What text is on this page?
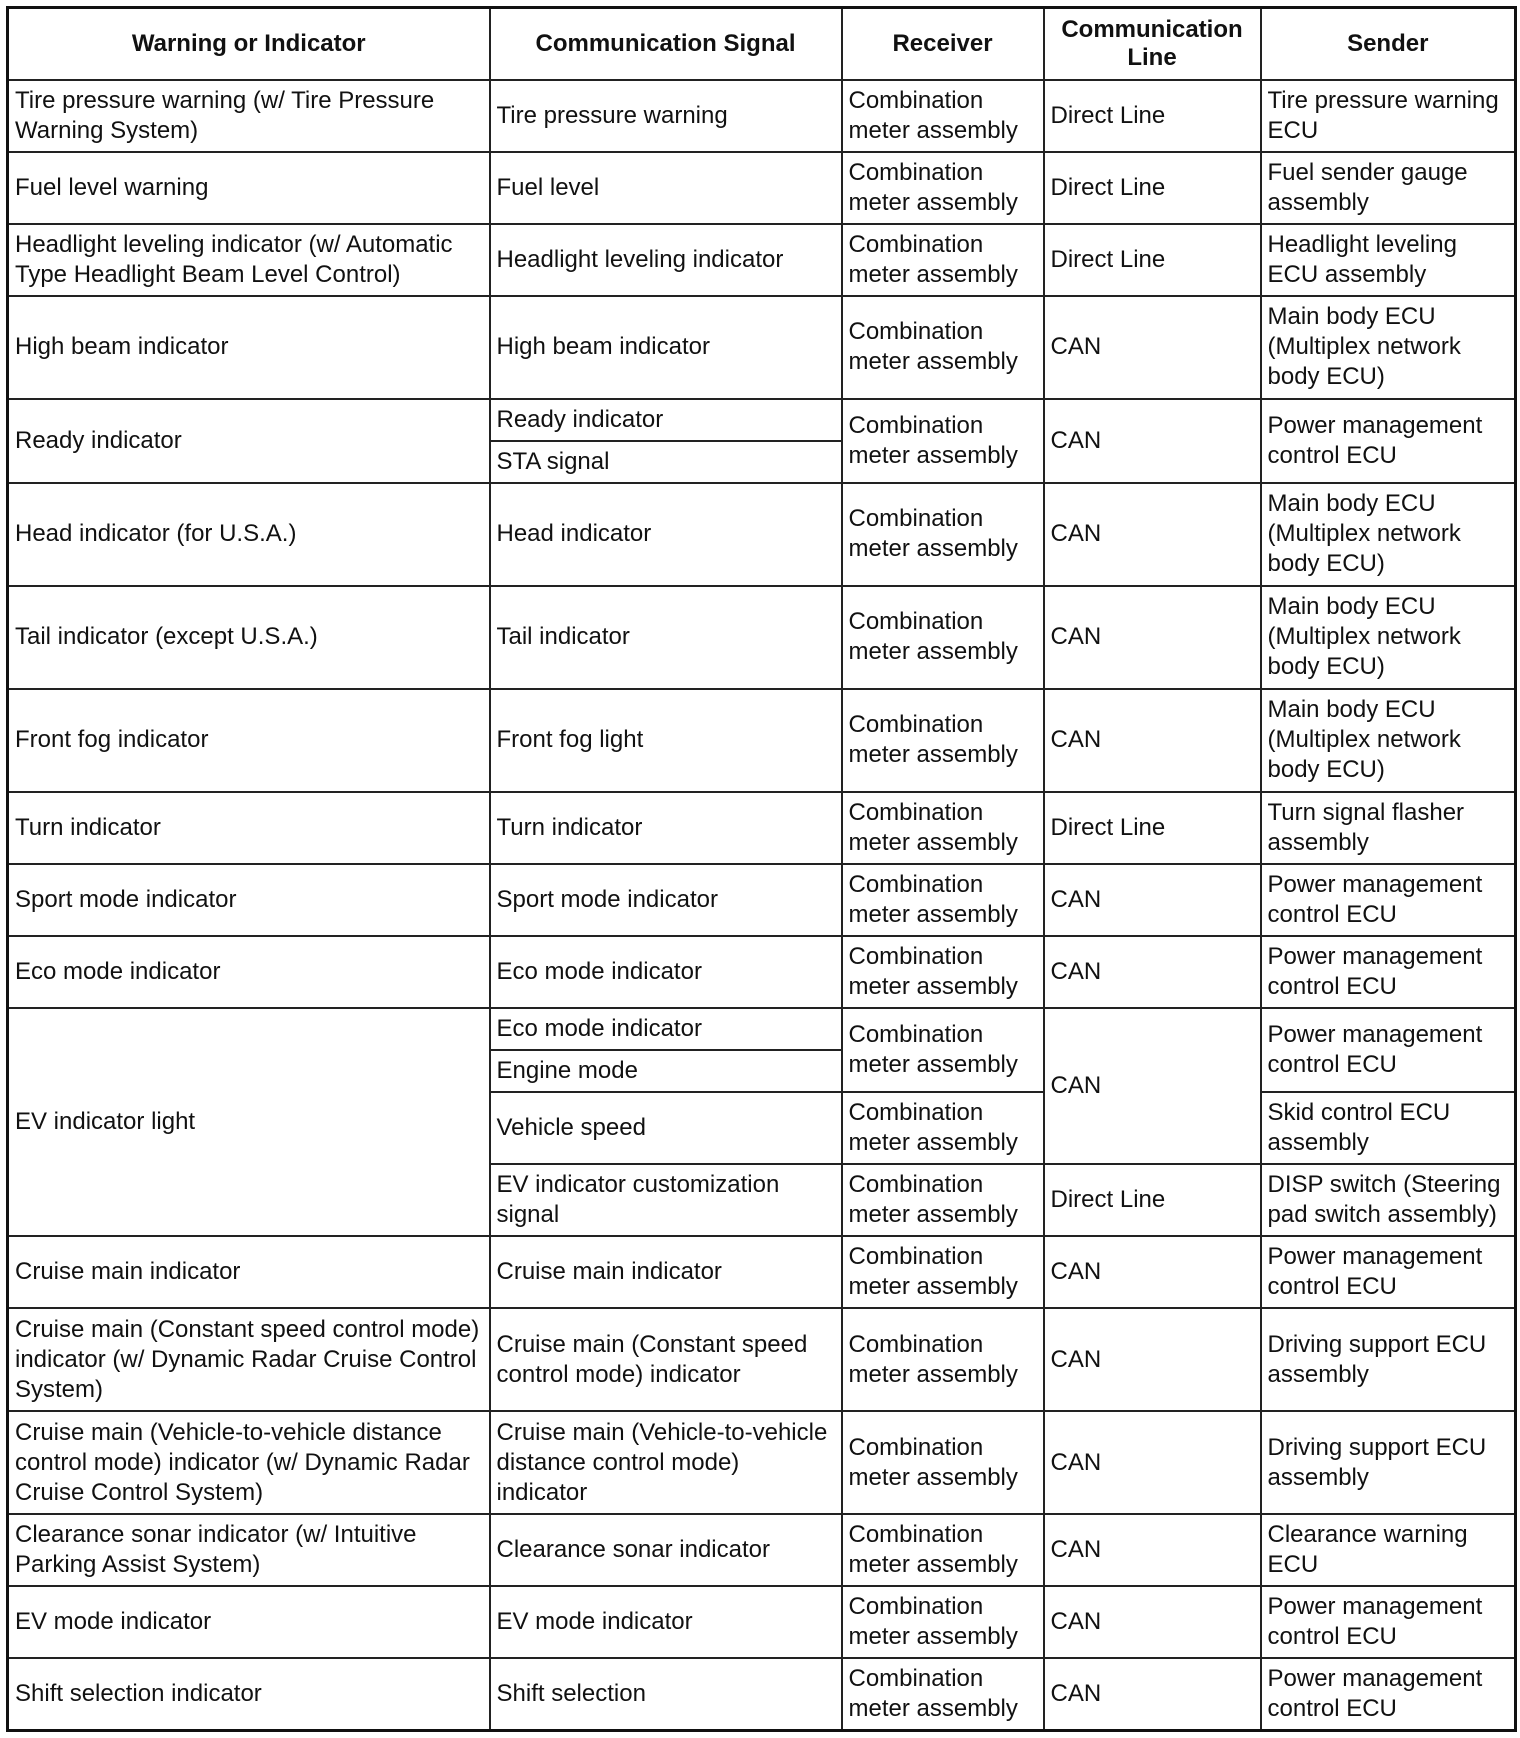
Warning or Indicator	Communication Signal	Receiver	Communication Line	Sender
Tire pressure warning (w/ Tire Pressure Warning System)	Tire pressure warning	Combination meter assembly	Direct Line	Tire pressure warning ECU
Fuel level warning	Fuel level	Combination meter assembly	Direct Line	Fuel sender gauge assembly
Headlight leveling indicator (w/ Automatic Type Headlight Beam Level Control)	Headlight leveling indicator	Combination meter assembly	Direct Line	Headlight leveling ECU assembly
High beam indicator	High beam indicator	Combination meter assembly	CAN	Main body ECU (Multiplex network body ECU)
Ready indicator	Ready indicator	Combination meter assembly	CAN	Power management control ECU
	STA signal			
Head indicator (for U.S.A.)	Head indicator	Combination meter assembly	CAN	Main body ECU (Multiplex network body ECU)
Tail indicator (except U.S.A.)	Tail indicator	Combination meter assembly	CAN	Main body ECU (Multiplex network body ECU)
Front fog indicator	Front fog light	Combination meter assembly	CAN	Main body ECU (Multiplex network body ECU)
Turn indicator	Turn indicator	Combination meter assembly	Direct Line	Turn signal flasher assembly
Sport mode indicator	Sport mode indicator	Combination meter assembly	CAN	Power management control ECU
Eco mode indicator	Eco mode indicator	Combination meter assembly	CAN	Power management control ECU
EV indicator light	Eco mode indicator	Combination meter assembly	CAN	Power management control ECU
	Engine mode			
	Vehicle speed	Combination meter assembly		Skid control ECU assembly
	EV indicator customization signal	Combination meter assembly	Direct Line	DISP switch (Steering pad switch assembly)
Cruise main indicator	Cruise main indicator	Combination meter assembly	CAN	Power management control ECU
Cruise main (Constant speed control mode) indicator (w/ Dynamic Radar Cruise Control System)	Cruise main (Constant speed control mode) indicator	Combination meter assembly	CAN	Driving support ECU assembly
Cruise main (Vehicle-to-vehicle distance control mode) indicator (w/ Dynamic Radar Cruise Control System)	Cruise main (Vehicle-to-vehicle distance control mode) indicator	Combination meter assembly	CAN	Driving support ECU assembly
Clearance sonar indicator (w/ Intuitive Parking Assist System)	Clearance sonar indicator	Combination meter assembly	CAN	Clearance warning ECU
EV mode indicator	EV mode indicator	Combination meter assembly	CAN	Power management control ECU
Shift selection indicator	Shift selection	Combination meter assembly	CAN	Power management control ECU
